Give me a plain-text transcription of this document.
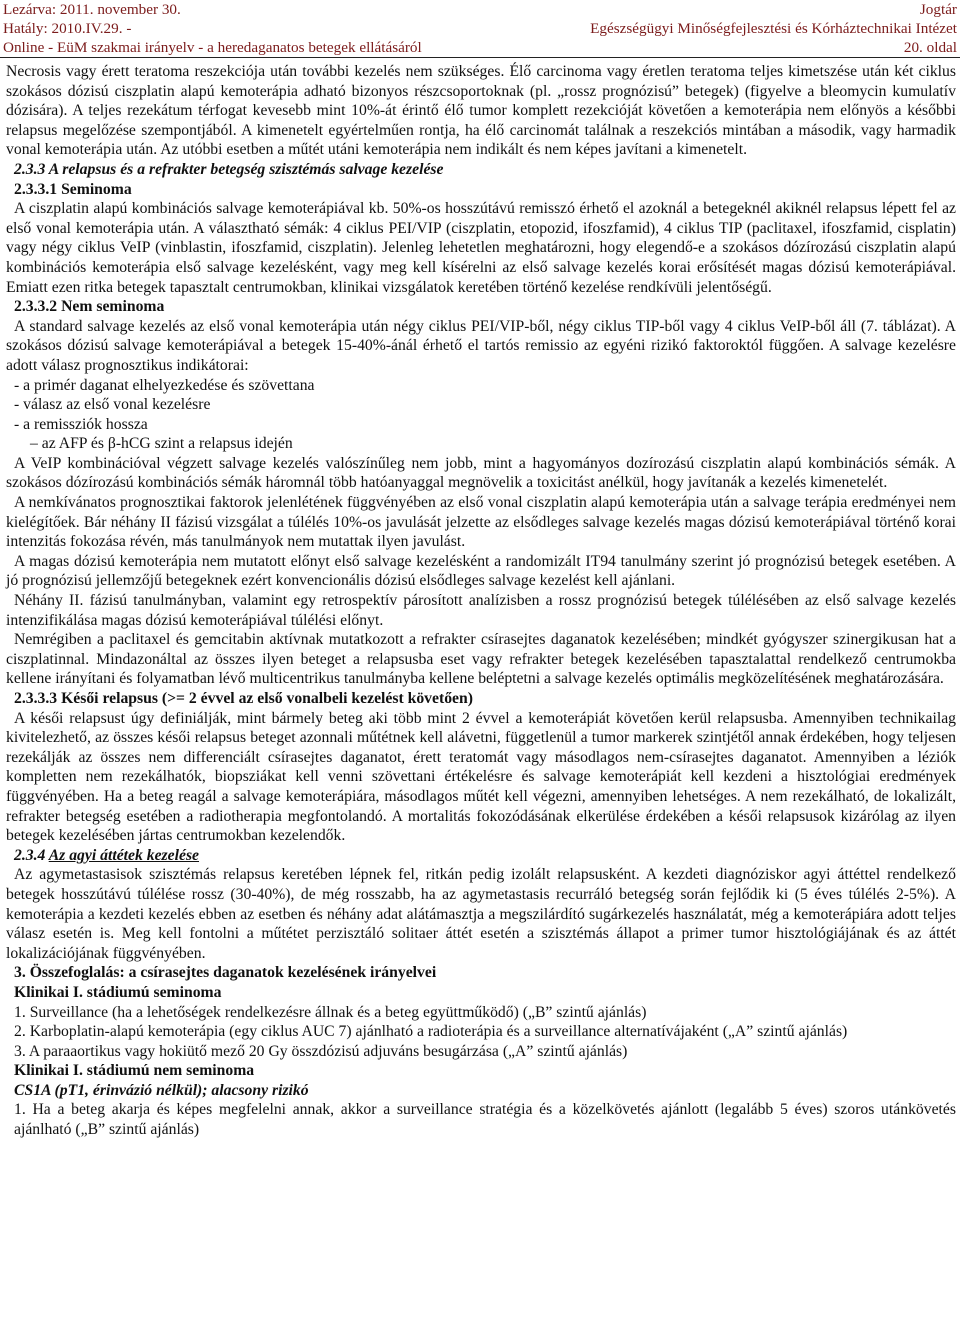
Lezárva: 2011. november 30.
Hatály: 2010.IV.29. -
Online - EüM szakmai irányelv - a heredaganatos betegek ellátásáról
Jogtár
Egészségügyi Minőségfejlesztési és Kórháztechnikai Intézet
20. oldal

Necrosis vagy érett teratoma reszekciója után további kezelés nem szükséges. Élő carcinoma vagy éretlen teratoma teljes kimetszése után két ciklus szokásos dózisú ciszplatin alapú kemoterápia adható bizonyos részcsoportoknak (pl. „rossz prognózisú” betegek) (figyelve a bleomycin kumulatív dózisára). A teljes rezekátum térfogat kevesebb mint 10%-át érintő élő tumor komplett rezekcióját követően a kemoterápia nem előnyös a későbbi relapsus megelőzése szempontjából. A kimenetelt egyértelműen rontja, ha élő carcinomát találnak a reszekciós mintában a második, vagy harmadik vonal kemoterápia után. Az utóbbi esetben a műtét utáni kemoterápia nem indikált és nem képes javítani a kimenetelt.

2.3.3 A relapsus és a refrakter betegség szisztémás salvage kezelése

2.3.3.1 Seminoma

A ciszplatin alapú kombinációs salvage kemoterápiával kb. 50%-os hosszútávú remisszó érhető el azoknál a betegeknél akiknél relapsus lépett fel az első vonal kemoterápia után. A választható sémák: 4 ciklus PEI/VIP (ciszplatin, etopozid, ifoszfamid), 4 ciklus TIP (paclitaxel, ifoszfamid, cisplatin) vagy négy ciklus VeIP (vinblastin, ifoszfamid, ciszplatin). Jelenleg lehetetlen meghatározni, hogy elegendő-e a szokásos dózírozású ciszplatin alapú kombinációs kemoterápia első salvage kezelésként, vagy meg kell kísérelni az első salvage kezelés korai erősítését magas dózisú kemoterápiával. Emiatt ezen ritka betegek tapasztalt centrumokban, klinikai vizsgálatok keretében történő kezelése rendkívüli jelentőségű.

2.3.3.2 Nem seminoma

A standard salvage kezelés az első vonal kemoterápia után négy ciklus PEI/VIP-ből, négy ciklus TIP-ből vagy 4 ciklus VeIP-ből áll (7. táblázat). A szokásos dózisú salvage kemoterápiával a betegek 15-40%-ánál érhető el tartós remissio az egyéni rizikó faktoroktól függően. A salvage kezelésre adott válasz prognosztikus indikátorai:

- a primér daganat elhelyezkedése és szövettana

- válasz az első vonal kezelésre

- a remissziók hossza

– az AFP és β-hCG szint a relapsus idején

A VeIP kombinációval végzett salvage kezelés valószínűleg nem jobb, mint a hagyományos dozírozású ciszplatin alapú kombinációs sémák. A szokásos dózírozású kombinációs sémák háromnál több hatóanyaggal megnövelik a toxicitást anélkül, hogy javítanák a kezelés kimenetelét.

A nemkívánatos prognosztikai faktorok jelenlétének függvényében az első vonal ciszplatin alapú kemoterápia után a salvage terápia eredményei nem kielégítőek. Bár néhány II fázisú vizsgálat a túlélés 10%-os javulását jelzette az elsődleges salvage kezelés magas dózisú kemoterápiával történő korai intenzitás fokozása révén, más tanulmányok nem mutattak ilyen javulást.

A magas dózisú kemoterápia nem mutatott előnyt első salvage kezelésként a randomizált IT94 tanulmány szerint jó prognózisú betegek esetében. A jó prognózisú jellemzőjű betegeknek ezért konvencionális dózisú elsődleges salvage kezelést kell ajánlani.

Néhány II. fázisú tanulmányban, valamint egy retrospektív párosított analízisben a rossz prognózisú betegek túlélésében az első salvage kezelés intenzifikálása magas dózisú kemoterápiával túlélési előnyt.

Nemrégiben a paclitaxel és gemcitabin aktívnak mutatkozott a refrakter csírasejtes daganatok kezelésében; mindkét gyógyszer szinergikusan hat a ciszplatinnal. Mindazonáltal az összes ilyen beteget a relapsusba eset vagy refrakter betegek kezelésében tapasztalattal rendelkező centrumokba kellene irányítani és folyamatban lévő multicentrikus tanulmányba kellene beléptetni a salvage kezelés optimális megközelítésének meghatározására.

2.3.3.3 Késői relapsus (>= 2 évvel az első vonalbeli kezelést követően)

A késői relapsust úgy definiálják, mint bármely beteg aki több mint 2 évvel a kemoterápiát követően kerül relapsusba. Amennyiben technikailag kivitelezhető, az összes késői relapsus beteget azonnali műtétnek kell alávetni, függetlenül a tumor markerek szintjétől annak érdekében, hogy teljesen rezekálják az összes nem differenciált csírasejtes daganatot, érett teratomát vagy másodlagos nem-csírasejtes daganatot. Amennyiben a léziók kompletten nem rezekálhatók, biopsziákat kell venni szövettani értékelésre és salvage kemoterápiát kell kezdeni a hisztológiai eredmények függvényében. Ha a beteg reagál a salvage kemoterápiára, másodlagos műtét kell végezni, amennyiben lehetséges. A nem rezekálható, de lokalizált, refrakter betegség esetében a radiotherapia megfontolandó. A mortalitás fokozódásának elkerülése érdekében a késői relapsusok kizárólag az ilyen betegek kezelésében jártas centrumokban kezelendők.

2.3.4 Az agyi áttétek kezelése

Az agymetastasisok szisztémás relapsus keretében lépnek fel, ritkán pedig izolált relapsusként. A kezdeti diagnóziskor agyi áttéttel rendelkező betegek hosszútávú túlélése rossz (30-40%), de még rosszabb, ha az agymetastasis recurráló betegség során fejlődik ki (5 éves túlélés 2-5%). A kemoterápia a kezdeti kezelés ebben az esetben és néhány adat alátámasztja a megszilárdító sugárkezelés használatát, még a kemoterápiára adott teljes válasz esetén is. Meg kell fontolni a műtétet perzisztáló solitaer áttét esetén a szisztémás állapot a primer tumor hisztológiájának és az áttét lokalizációjának függvényében.

3. Összefoglalás: a csírasejtes daganatok kezelésének irányelvei

Klinikai I. stádiumú seminoma

1. Surveillance (ha a lehetőségek rendelkezésre állnak és a beteg együttműködő) („B” szintű ajánlás)

2. Karboplatin-alapú kemoterápia (egy ciklus AUC 7) ajánlható a radioterápia és a surveillance alternatívájaként („A” szintű ajánlás)

3. A paraaortikus vagy hokiütő mező 20 Gy összdózisú adjuváns besugárzása („A” szintű ajánlás)

Klinikai I. stádiumú nem seminoma

CS1A (pT1, érinvázió nélkül); alacsony rizikó

1. Ha a beteg akarja és képes megfelelni annak, akkor a surveillance stratégia és a közelkövetés ajánlott (legalább 5 éves) szoros utánkövetés ajánlható („B” szintű ajánlás)
